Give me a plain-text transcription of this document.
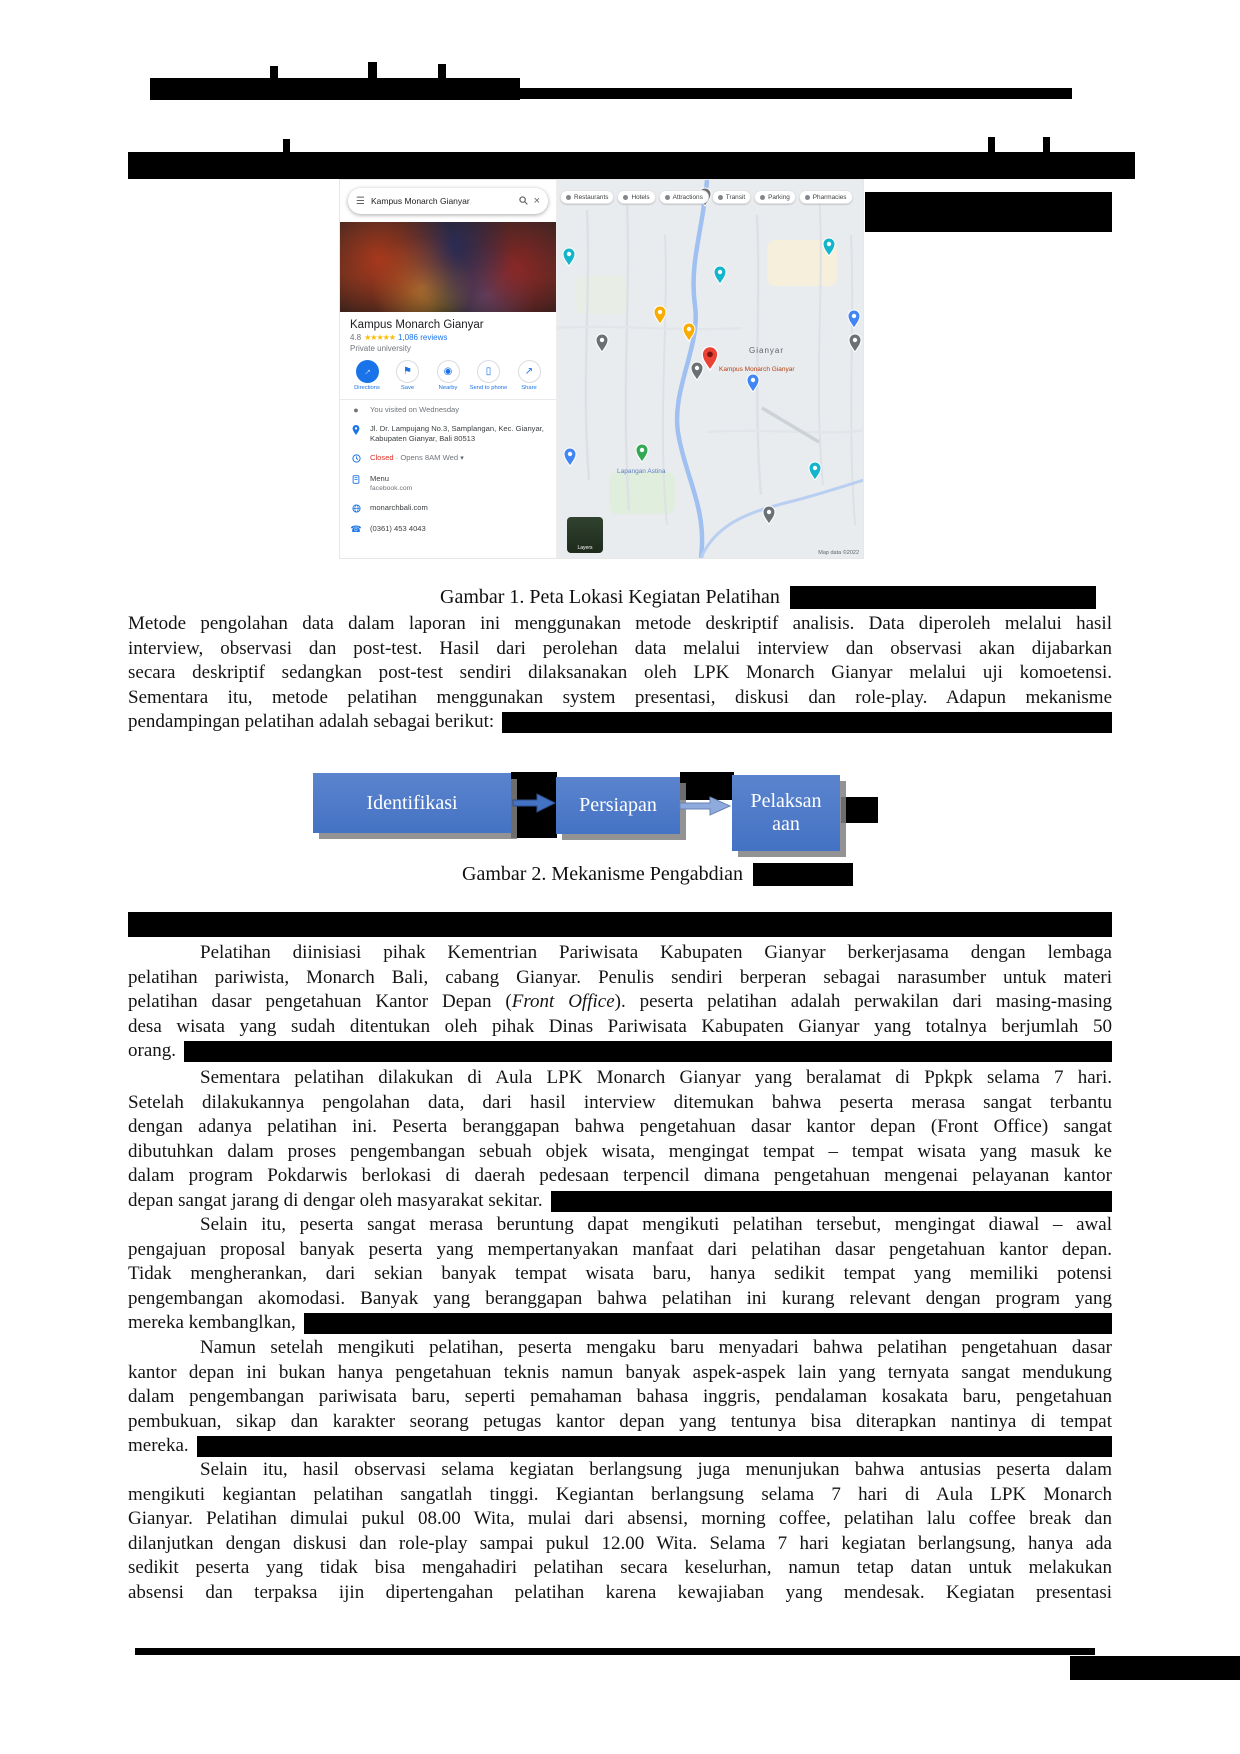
☰ Kampus Monarch Gianyar	×
Kampus Monarch Gianyar
4.8 ★★★★★ 1,086 reviews
Private university
→
Directions
⚑
Save
◉
Nearby
▯
Send to phone
↗
Share
●	You visited on Wednesday
Jl. Dr. Lampujang No.3, Samplangan, Kec. Gianyar, Kabupaten Gianyar, Bali 80513
Closed · Opens 8AM Wed ▾
Menu
facebook.com
monarchbali.com
☎ (0361) 453 4043
Restaurants	Hotels	Attractions	Transit	Parking	Pharmacies
Gianyar
Kampus Monarch Gianyar
Lapangan Astina
Layers
Map data ©2022
Gambar 1. Peta Lokasi Kegiatan Pelatihan
Metode pengolahan data dalam laporan ini menggunakan metode deskriptif analisis. Data diperoleh melalui hasil
interview, observasi dan post-test. Hasil dari perolehan data melalui interview dan observasi akan dijabarkan
secara deskriptif sedangkan post-test sendiri dilaksanakan oleh LPK Monarch Gianyar melalui uji komoetensi.
Sementara itu, metode pelatihan menggunakan system presentasi, diskusi dan role-play. Adapun mekanisme
pendampingan pelatihan adalah sebagai berikut:
Identifikasi	Persiapan	Pelaksan
aan
Gambar 2. Mekanisme Pengabdian
Pelatihan diinisiasi pihak Kementrian Pariwisata Kabupaten Gianyar berkerjasama dengan lembaga
pelatihan pariwista, Monarch Bali, cabang Gianyar. Penulis sendiri berperan sebagai narasumber untuk materi
pelatihan dasar pengetahuan Kantor Depan (Front Office). peserta pelatihan adalah perwakilan dari masing-masing
desa wisata yang sudah ditentukan oleh pihak Dinas Pariwisata Kabupaten Gianyar yang totalnya berjumlah 50
orang.
Sementara pelatihan dilakukan di Aula LPK Monarch Gianyar yang beralamat di Ppkpk selama 7 hari.
Setelah dilakukannya pengolahan data, dari hasil interview ditemukan bahwa peserta merasa sangat terbantu
dengan adanya pelatihan ini. Peserta beranggapan bahwa pengetahuan dasar kantor depan (Front Office) sangat
dibutuhkan dalam proses pengembangan sebuah objek wisata, mengingat tempat – tempat wisata yang masuk ke
dalam program Pokdarwis berlokasi di daerah pedesaan terpencil dimana pengetahuan mengenai pelayanan kantor
depan sangat jarang di dengar oleh masyarakat sekitar.
Selain itu, peserta sangat merasa beruntung dapat mengikuti pelatihan tersebut, mengingat diawal – awal
pengajuan proposal banyak peserta yang mempertanyakan manfaat dari pelatihan dasar pengetahuan kantor depan.
Tidak mengherankan, dari sekian banyak tempat wisata baru, hanya sedikit tempat yang memiliki potensi
pengembangan akomodasi. Banyak yang beranggapan bahwa pelatihan ini kurang relevant dengan program yang
mereka kembanglkan,
Namun setelah mengikuti pelatihan, peserta mengaku baru menyadari bahwa pelatihan pengetahuan dasar
kantor depan ini bukan hanya pengetahuan teknis namun banyak aspek-aspek lain yang ternyata sangat mendukung
dalam pengembangan pariwisata baru, seperti pemahaman bahasa inggris, pendalaman kosakata baru, pengetahuan
pembukuan, sikap dan karakter seorang petugas kantor depan yang tentunya bisa diterapkan nantinya di tempat
mereka.
Selain itu, hasil observasi selama kegiatan berlangsung juga menunjukan bahwa antusias peserta dalam
mengikuti kegiantan pelatihan sangatlah tinggi. Kegiantan berlangsung selama 7 hari di Aula LPK Monarch
Gianyar. Pelatihan dimulai pukul 08.00 Wita, mulai dari absensi, morning coffee, pelatihan lalu coffee break dan
dilanjutkan dengan diskusi dan role-play sampai pukul 12.00 Wita. Selama 7 hari kegiatan berlangsung, hanya ada
sedikit peserta yang tidak bisa mengahadiri pelatihan secara keselurhan, namun tetap datan untuk melakukan
absensi dan terpaksa ijin dipertengahan pelatihan karena kewajiaban yang mendesak. Kegiatan presentasi
